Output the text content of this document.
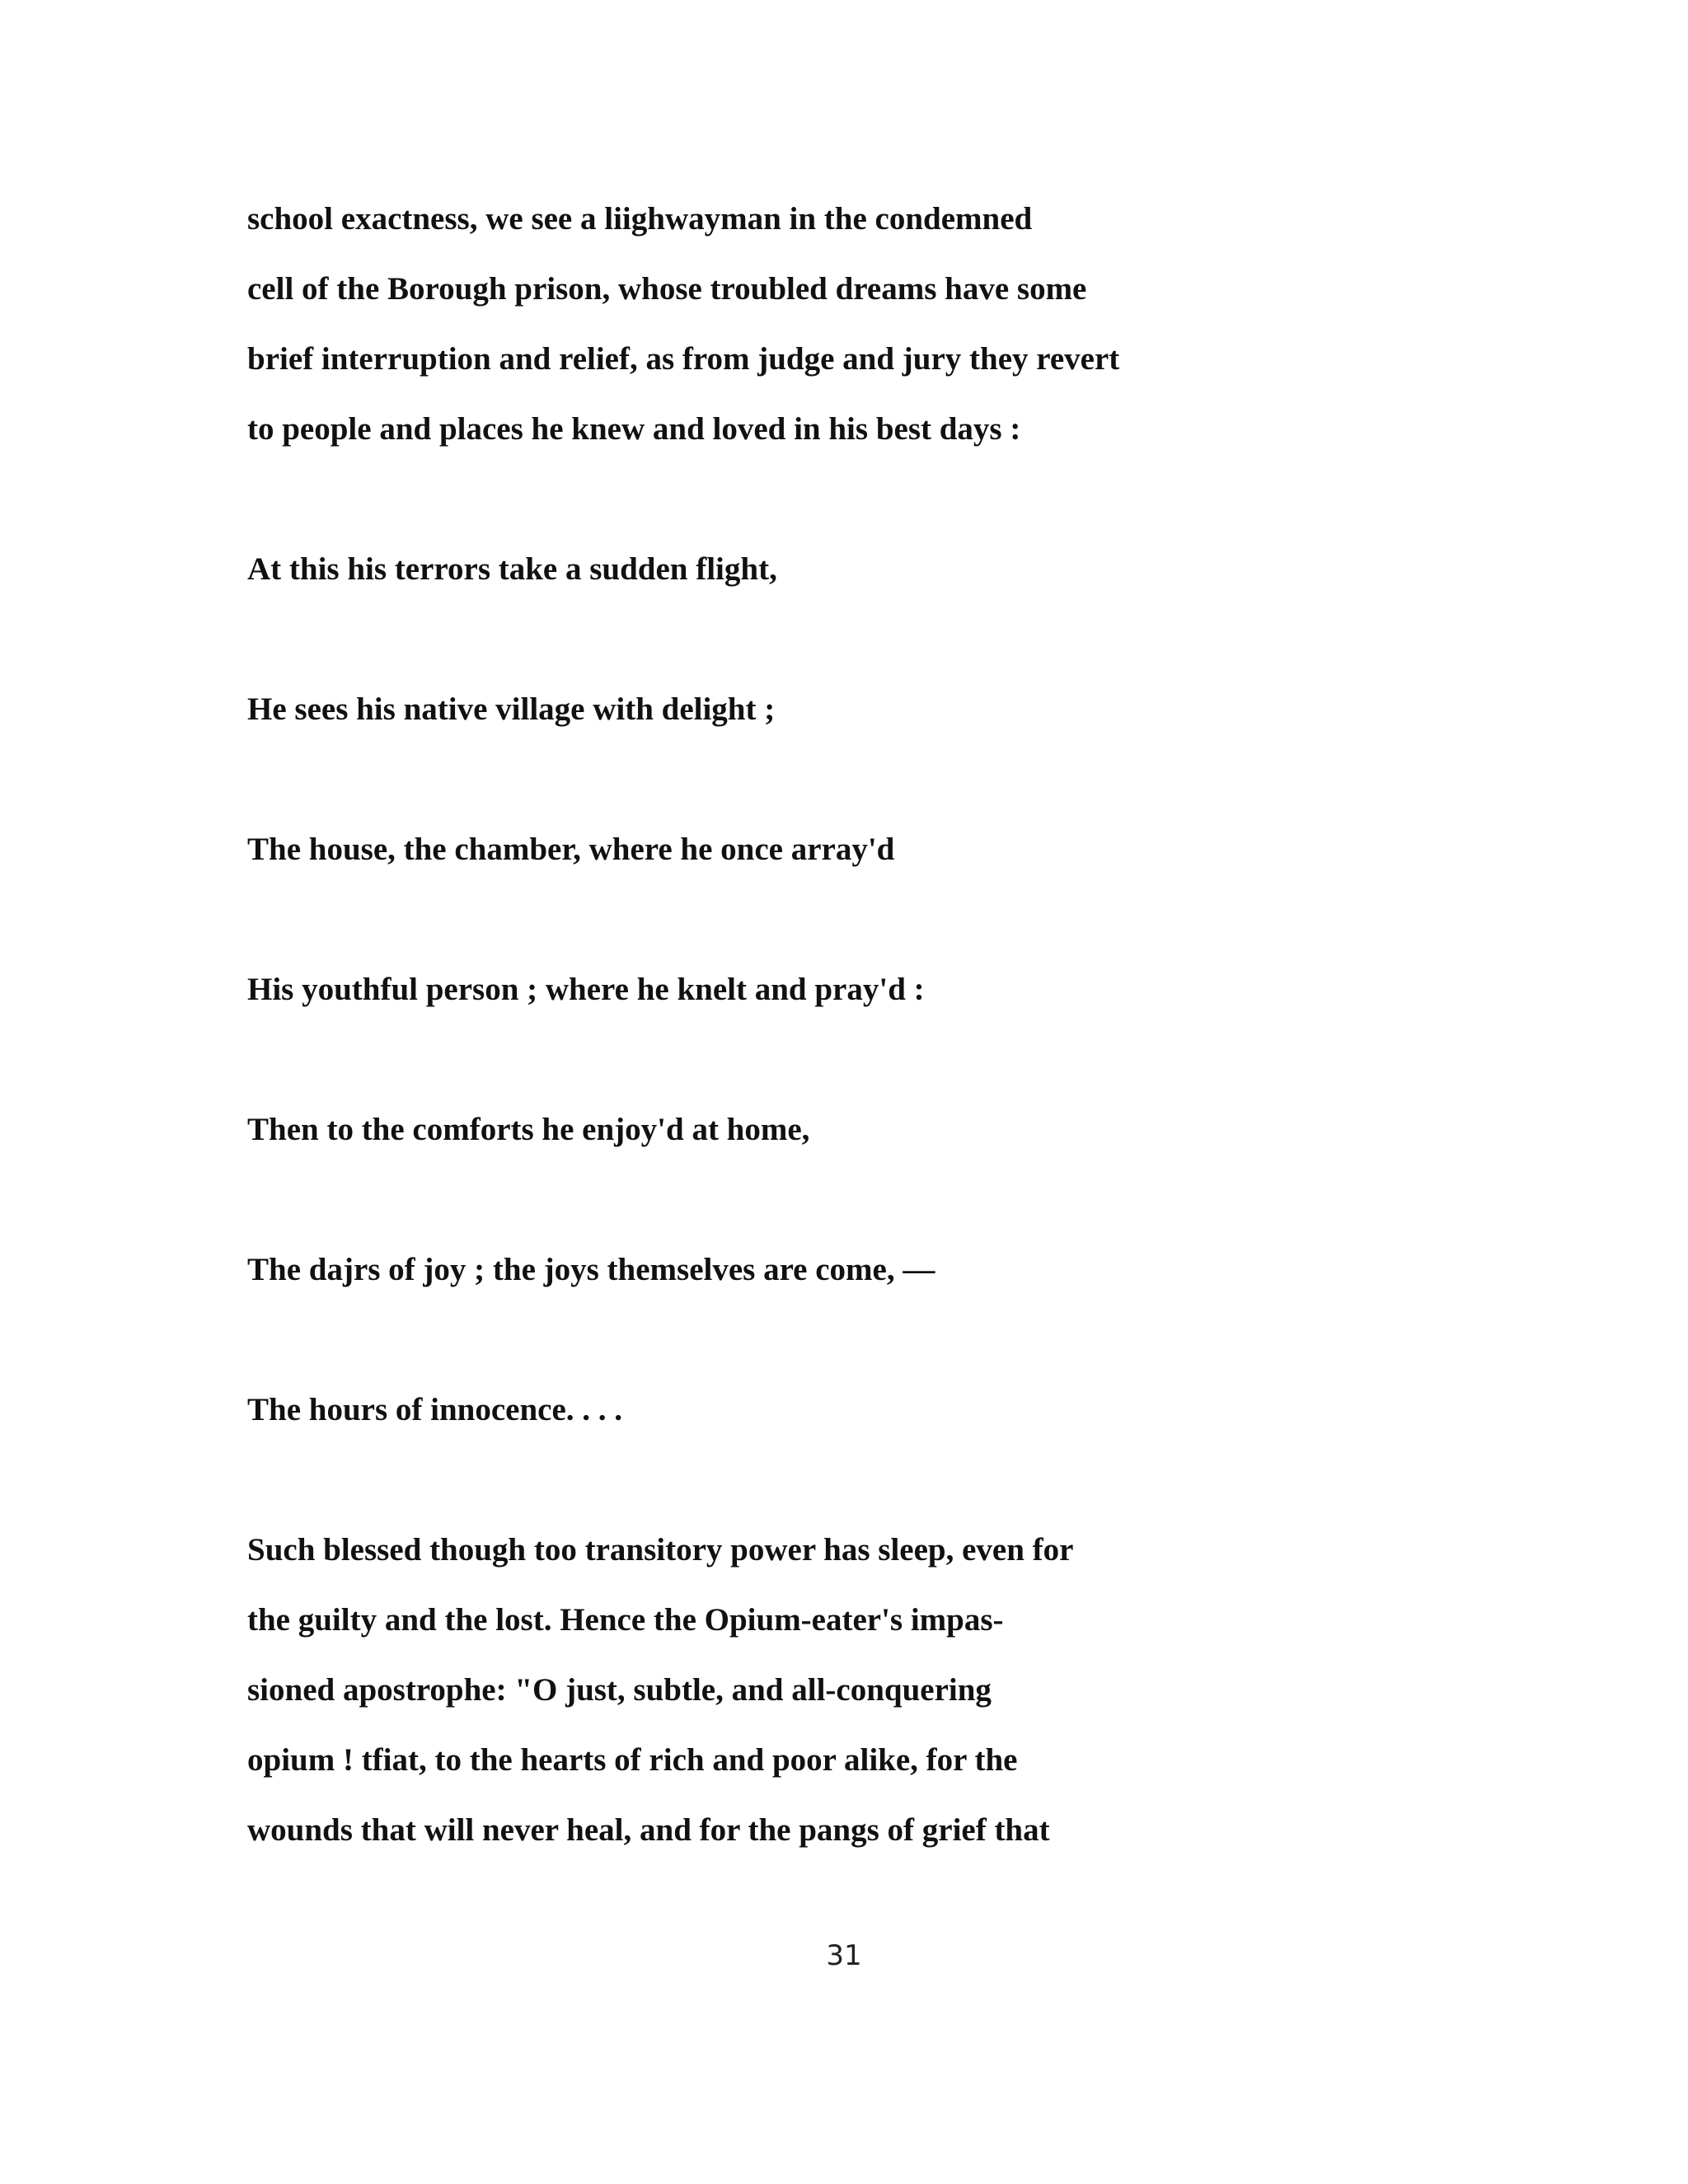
school exactness, we see a liighwayman in the condemned

cell of the Borough prison, whose troubled dreams have some

brief interruption and relief, as from judge and jury they revert

to people and places he knew and loved in his best days :

At this his terrors take a sudden flight,

He sees his native village with delight ;

The house, the chamber, where he once array'd

His youthful person ; where he knelt and pray'd :

Then to the comforts he enjoy'd at home,

The dajrs of joy ; the joys themselves are come, —

The hours of innocence. . . .

Such blessed though too transitory power has sleep, even for

the guilty and the lost. Hence the Opium-eater's impas-

sioned apostrophe: "O just, subtle, and all-conquering

opium ! tfiat, to the hearts of rich and poor alike, for the

wounds that will never heal, and for the pangs of grief that

31
